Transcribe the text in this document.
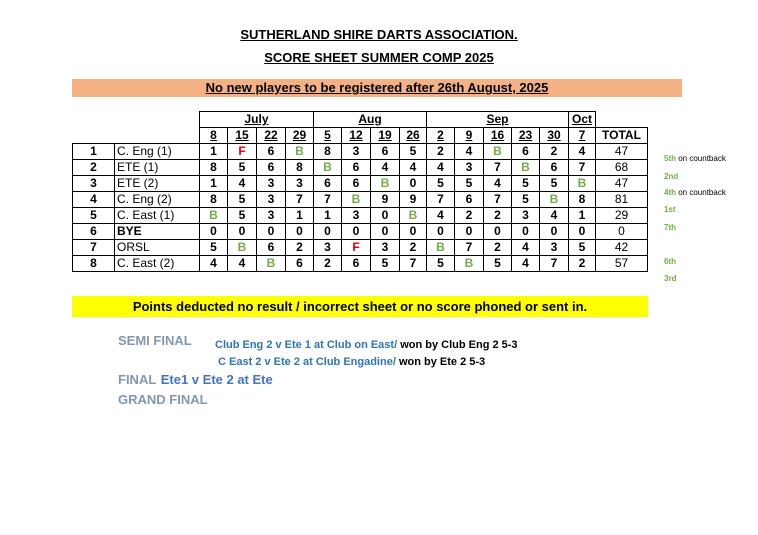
SUTHERLAND SHIRE DARTS ASSOCIATION.
SCORE SHEET SUMMER COMP 2025
No new players to be registered after 26th August, 2025
		July				Aug				Sep					Oct	
		8	15	22	29	5	12	19	26	2	9	16	23	30	7	TOTAL
1	C. Eng (1)	1	F	6	B	8	3	6	5	2	4	B	6	2	4	47
2	ETE (1)	8	5	6	8	B	6	4	4	4	3	7	B	6	7	68
3	ETE (2)	1	4	3	3	6	6	B	0	5	5	4	5	5	B	47
4	C. Eng (2)	8	5	3	7	7	B	9	9	7	6	7	5	B	8	81
5	C. East (1)	B	5	3	1	1	3	0	B	4	2	2	3	4	1	29
6	BYE	0	0	0	0	0	0	0	0	0	0	0	0	0	0	0
7	ORSL	5	B	6	2	3	F	3	2	B	7	2	4	3	5	42
8	C. East (2)	4	4	B	6	2	6	5	7	5	B	5	4	7	2	57
5th on countback
2nd
4th on countback
1st
7th
6th
3rd
Points deducted no result / incorrect sheet or no score phoned or sent in.
SEMI FINAL Club Eng 2 v Ete 1 at Club on East/ won by Club Eng 2 5-3
C East 2 v Ete 2 at Club Engadine/ won by Ete 2 5-3
FINAL Ete1 v Ete 2 at Ete
GRAND FINAL
